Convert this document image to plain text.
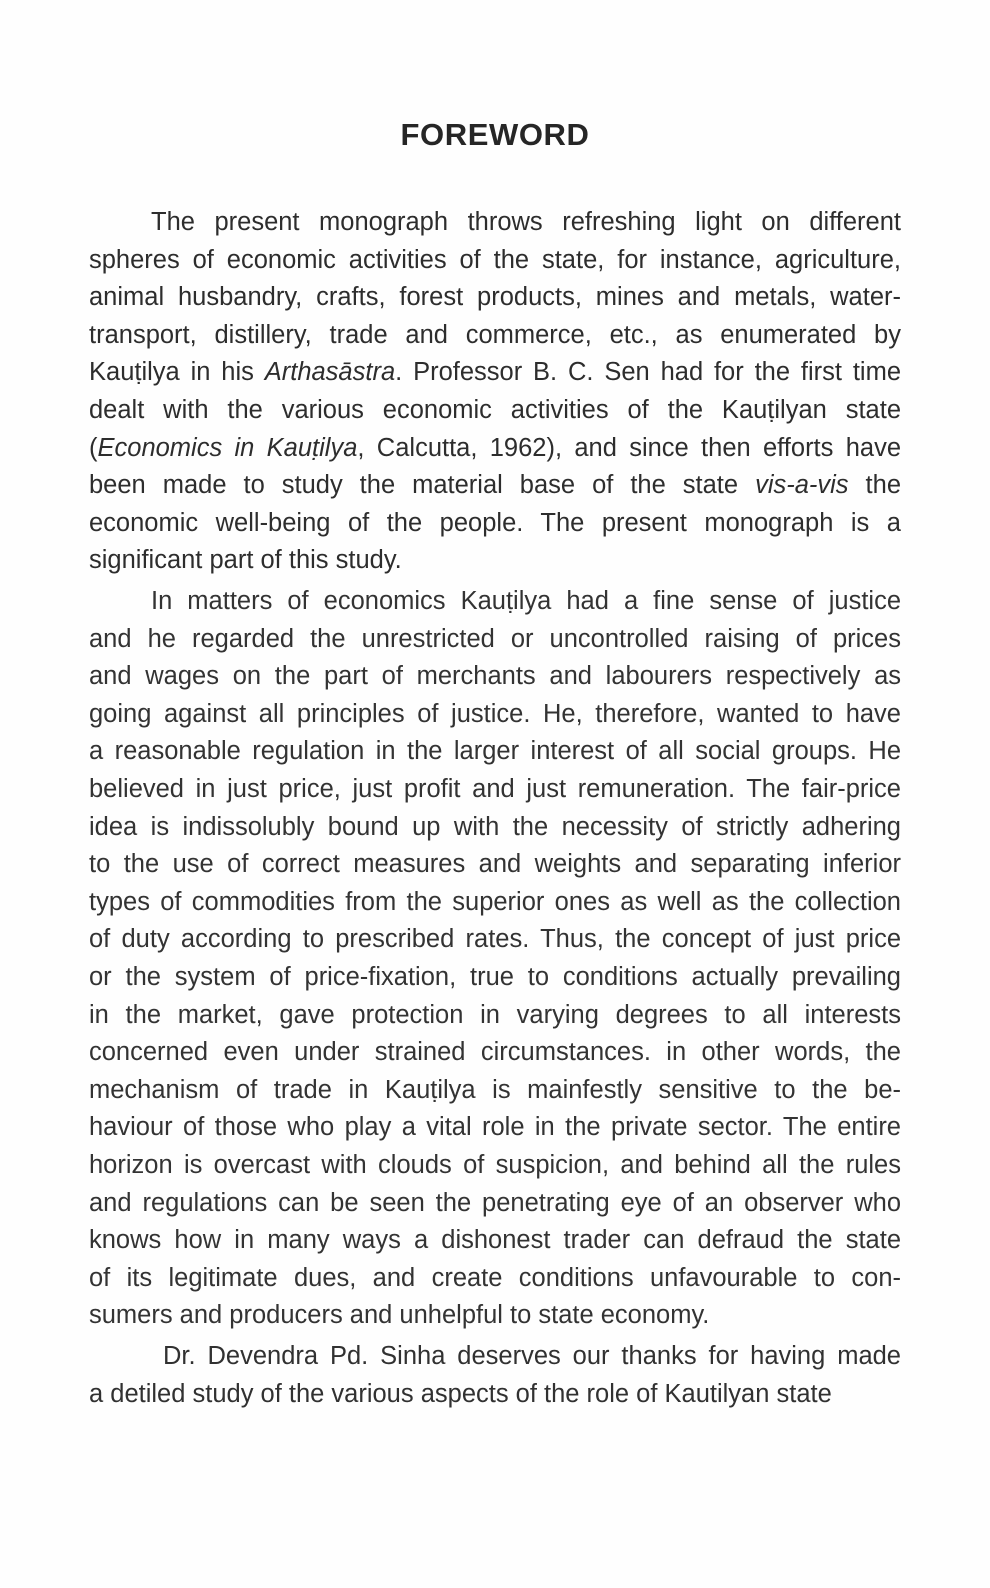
FOREWORD
The present monograph throws refreshing light on different
spheres of economic activities of the state, for instance, agriculture,
animal husbandry, crafts, forest products, mines and metals, water-
transport, distillery, trade and commerce, etc., as enumerated by
Kauṭilya in his Arthasāstra. Professor B. C. Sen had for the first time
dealt with the various economic activities of the Kauṭilyan state
(Economics in Kauṭilya, Calcutta, 1962), and since then efforts have
been made to study the material base of the state vis-a-vis the
economic well-being of the people. The present monograph is a
significant part of this study.
In matters of economics Kauṭilya had a fine sense of justice
and he regarded the unrestricted or uncontrolled raising of prices
and wages on the part of merchants and labourers respectively as
going against all principles of justice. He, therefore, wanted to have
a reasonable regulation in the larger interest of all social groups. He
believed in just price, just profit and just remuneration. The fair-price
idea is indissolubly bound up with the necessity of strictly adhering
to the use of correct measures and weights and separating inferior
types of commodities from the superior ones as well as the collection
of duty according to prescribed rates. Thus, the concept of just price
or the system of price-fixation, true to conditions actually prevailing
in the market, gave protection in varying degrees to all interests
concerned even under strained circumstances. in other words, the
mechanism of trade in Kauṭilya is mainfestly sensitive to the be-
haviour of those who play a vital role in the private sector. The entire
horizon is overcast with clouds of suspicion, and behind all the rules
and regulations can be seen the penetrating eye of an observer who
knows how in many ways a dishonest trader can defraud the state
of its legitimate dues, and create conditions unfavourable to con-
sumers and producers and unhelpful to state economy.
Dr. Devendra Pd. Sinha deserves our thanks for having made
a detiled study of the various aspects of the role of Kautilyan state
